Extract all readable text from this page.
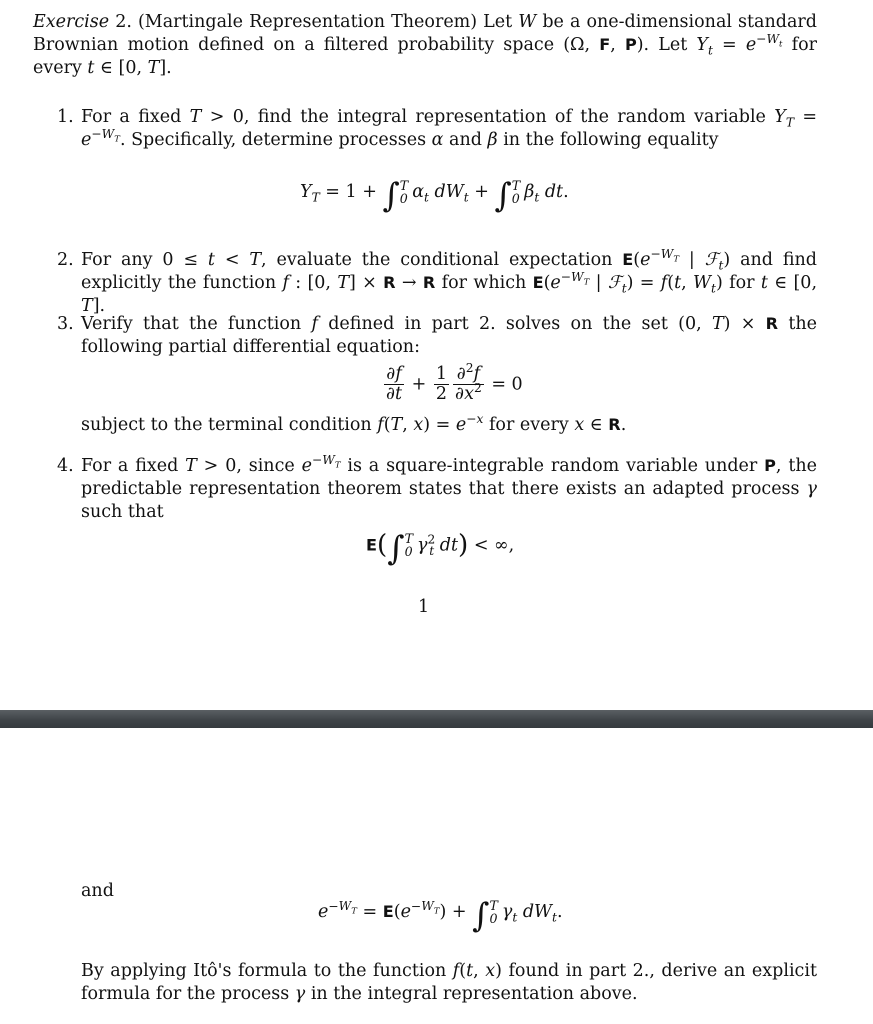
Exercise 2. (Martingale Representation Theorem) Let W be a one-dimensional standard Brownian motion defined on a filtered probability space (Ω, F, P). Let $Y_t = e^{-W_t}$ for every t ∈ [0, T].
1. For a fixed T > 0, find the integral representation of the random variable $Y_T = e^{-W_T}$. Specifically, determine processes α and β in the following equality
$Y_T = 1$ + ∫ T
0 $\alpha_t$ $dW_t$ + ∫ T
0 $\beta_t$ dt.
2. For any 0 ≤ t < T, evaluate the conditional expectation $E(e^{-W_T}$ | ℱ$_t$) and find explicitly the function f : [0, T] × R → R for which $E(e^{-W_T}$ | ℱ$_t$) = f(t, $W_t$) for t ∈ [0, T].
3. Verify that the function f defined in part 2. solves on the set (0, T) × R the following partial differential equation:
$\frac{\partial f}{\partial t} + \frac{1}{2} \frac{\partial^2f}{\partial x^2} = 0$
subject to the terminal condition f(T, $x) = e^{-x}$ for every x ∈ R.
4. For a fixed T > 0, since $e^{-W_T}$ is a square-integrable random variable under P, the predictable representation theorem states that there exists an adapted process γ such that
E(∫ T
0 $\gamma^2_t$ dt) < ∞,
1
and
$e^{-W_T} = E(e^{-W_T})$ + ∫ T
0 $\gamma_t$ $dW_t$.
By applying Itô's formula to the function f(t, x) found in part 2., derive an explicit formula for the process γ in the integral representation above.
